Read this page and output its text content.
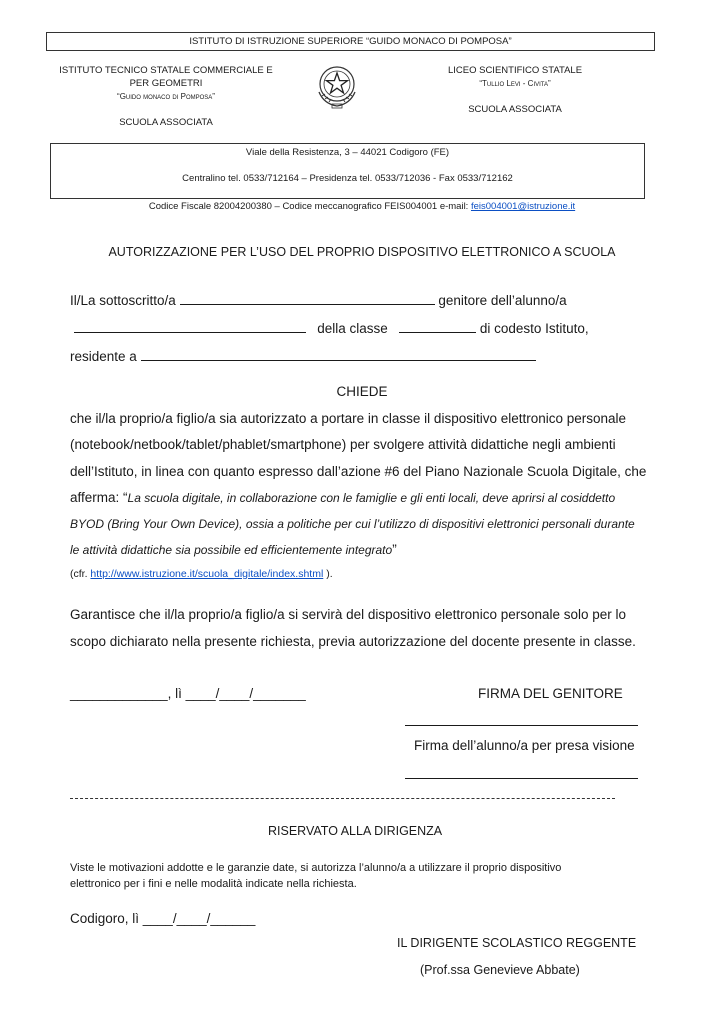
ISTITUTO DI ISTRUZIONE SUPERIORE “GUIDO MONACO DI POMPOSA”
ISTITUTO TECNICO STATALE COMMERCIALE E PER GEOMETRI
“Guido monaco di Pomposa”
SCUOLA ASSOCIATA
LICEO SCIENTIFICO STATALE
“Tullio Levi - Civita”
SCUOLA ASSOCIATA
Viale della Resistenza, 3 – 44021 Codigoro (FE)
Centralino tel. 0533/712164 – Presidenza tel. 0533/712036 - Fax 0533/712162
Codice Fiscale 82004200380 – Codice meccanografico FEIS004001 e-mail: feis004001@istruzione.it
AUTORIZZAZIONE PER L’USO DEL PROPRIO DISPOSITIVO ELETTRONICO A SCUOLA
Il/La sottoscritto/a	genitore dell’alunno/a
della classe	di codesto Istituto,
residente a
CHIEDE
che il/la proprio/a figlio/a sia autorizzato a portare in classe il dispositivo elettronico personale
(notebook/netbook/tablet/phablet/smartphone) per svolgere attività didattiche negli ambienti
dell’Istituto, in linea con quanto espresso dall’azione #6 del Piano Nazionale Scuola Digitale, che
afferma: “La scuola digitale, in collaborazione con le famiglie e gli enti locali, deve aprirsi al cosiddetto
BYOD (Bring Your Own Device), ossia a politiche per cui l’utilizzo di dispositivi elettronici personali durante
le attività didattiche sia possibile ed efficientemente integrato”
(cfr. http://www.istruzione.it/scuola_digitale/index.shtml ).
Garantisce che il/la proprio/a figlio/a si servirà del dispositivo elettronico personale solo per lo
scopo dichiarato nella presente richiesta, previa autorizzazione del docente presente in classe.
_____________, lì ____/____/_______	FIRMA DEL GENITORE
Firma dell’alunno/a per presa visione
RISERVATO ALLA DIRIGENZA
Viste le motivazioni addotte e le garanzie date, si autorizza l’alunno/a a utilizzare il proprio dispositivo
elettronico per i fini e nelle modalità indicate nella richiesta.
Codigoro, lì ____/____/______
IL DIRIGENTE SCOLASTICO REGGENTE
(Prof.ssa Genevieve Abbate)
